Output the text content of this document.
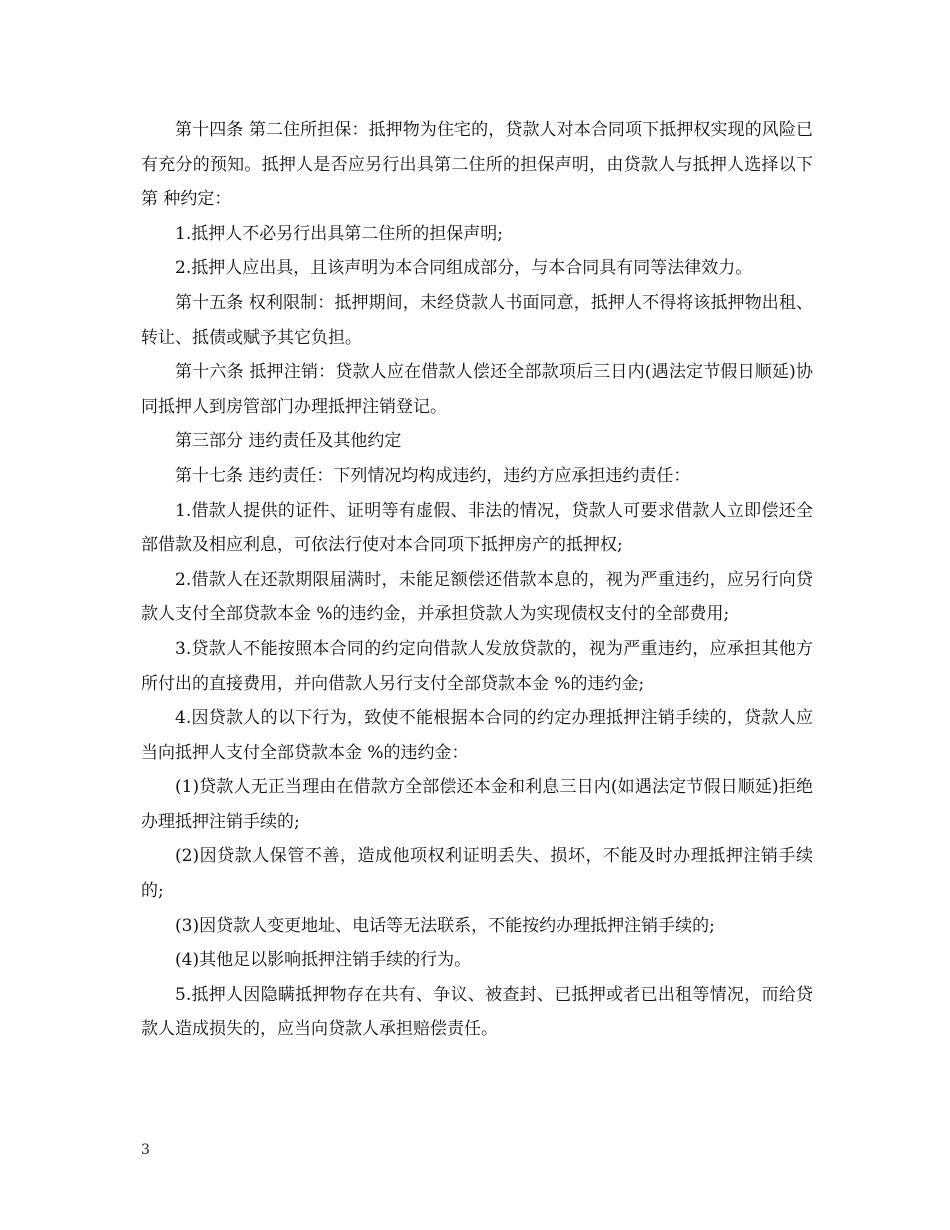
第十四条 第二住所担保：抵押物为住宅的，贷款人对本合同项下抵押权实现的风险已有充分的预知。抵押人是否应另行出具第二住所的担保声明，由贷款人与抵押人选择以下第 种约定：

1.抵押人不必另行出具第二住所的担保声明;

2.抵押人应出具，且该声明为本合同组成部分，与本合同具有同等法律效力。

第十五条 权利限制：抵押期间，未经贷款人书面同意，抵押人不得将该抵押物出租、转让、抵债或赋予其它负担。

第十六条 抵押注销：贷款人应在借款人偿还全部款项后三日内(遇法定节假日顺延)协同抵押人到房管部门办理抵押注销登记。

第三部分 违约责任及其他约定

第十七条 违约责任：下列情况均构成违约，违约方应承担违约责任：

1.借款人提供的证件、证明等有虚假、非法的情况，贷款人可要求借款人立即偿还全部借款及相应利息，可依法行使对本合同项下抵押房产的抵押权;

2.借款人在还款期限届满时，未能足额偿还借款本息的，视为严重违约，应另行向贷款人支付全部贷款本金 %的违约金，并承担贷款人为实现债权支付的全部费用;

3.贷款人不能按照本合同的约定向借款人发放贷款的，视为严重违约，应承担其他方所付出的直接费用，并向借款人另行支付全部贷款本金 %的违约金;

4.因贷款人的以下行为，致使不能根据本合同的约定办理抵押注销手续的，贷款人应当向抵押人支付全部贷款本金 %的违约金：

(1)贷款人无正当理由在借款方全部偿还本金和利息三日内(如遇法定节假日顺延)拒绝办理抵押注销手续的;

(2)因贷款人保管不善，造成他项权利证明丢失、损坏，不能及时办理抵押注销手续的;

(3)因贷款人变更地址、电话等无法联系，不能按约办理抵押注销手续的;

(4)其他足以影响抵押注销手续的行为。

5.抵押人因隐瞒抵押物存在共有、争议、被查封、已抵押或者已出租等情况，而给贷款人造成损失的，应当向贷款人承担赔偿责任。

3
